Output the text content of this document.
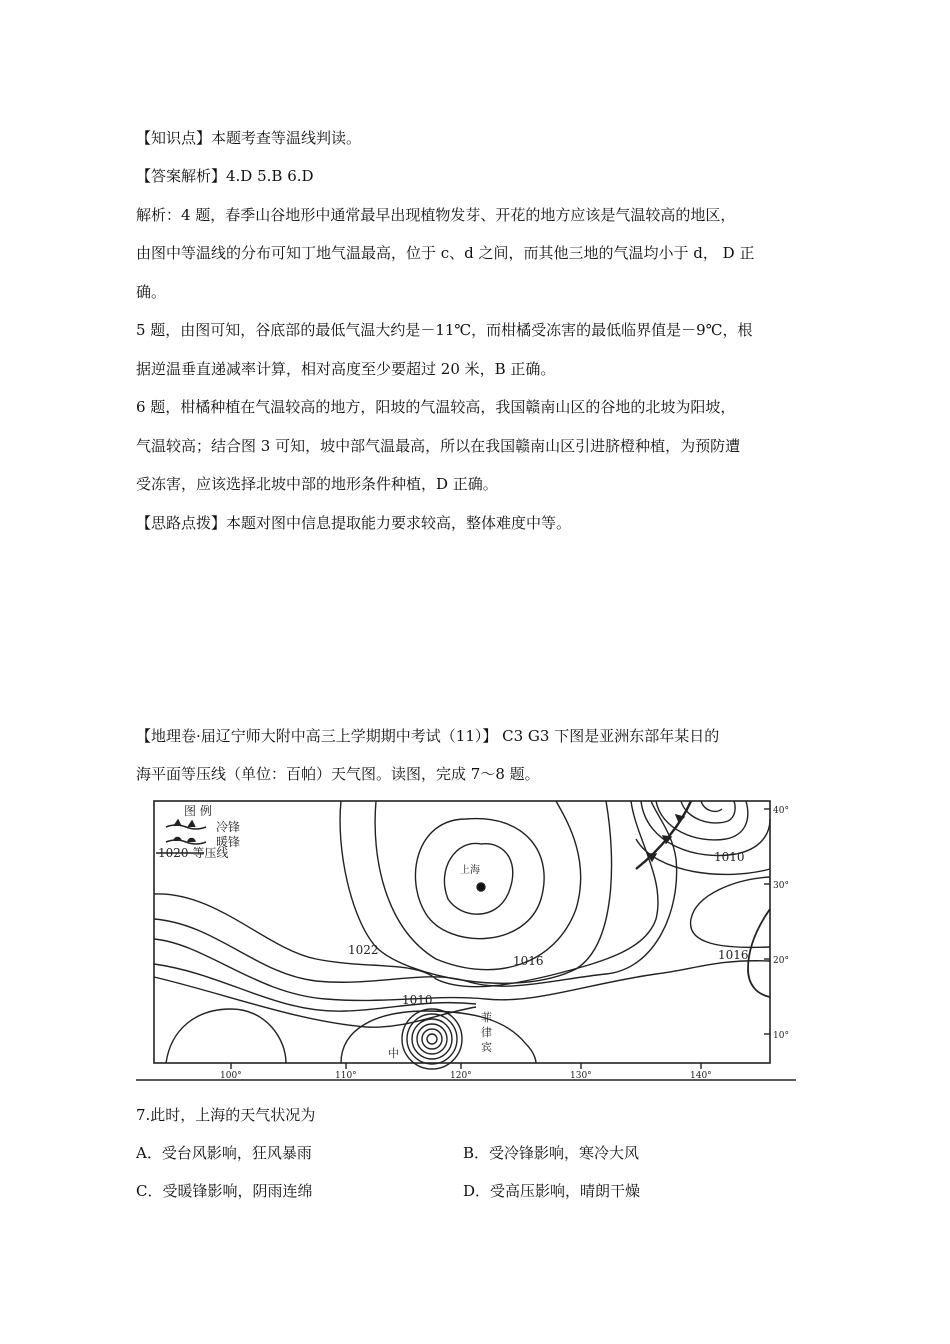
【知识点】本题考查等温线判读。
【答案解析】4.D 5.B 6.D
解析：4 题，春季山谷地形中通常最早出现植物发芽、开花的地方应该是气温较高的地区，
由图中等温线的分布可知丁地气温最高，位于 c、d 之间，而其他三地的气温均小于 d， D 正
确。
5 题，由图可知，谷底部的最低气温大约是－11℃，而柑橘受冻害的最低临界值是－9℃，根
据逆温垂直递减率计算，相对高度至少要超过 20 米，B 正确。
6 题，柑橘种植在气温较高的地方，阳坡的气温较高，我国赣南山区的谷地的北坡为阳坡，
气温较高；结合图 3 可知，坡中部气温最高，所以在我国赣南山区引进脐橙种植，为预防遭
受冻害，应该选择北坡中部的地形条件种植，D 正确。
【思路点拨】本题对图中信息提取能力要求较高，整体难度中等。
【地理卷·届辽宁师大附中高三上学期期中考试（11）】 C3 G3 下图是亚洲东部年某日的
海平面等压线（单位：百帕）天气图。读图，完成 7～8 题。
图 例
冷锋
暖锋
1020 等压线
上海
1022
1016	1016
1010
1010
菲
律
宾
中
40°
30°
20°
10°
100°	110°	120°	130°	140°
7.此时，上海的天气状况为
A．受台风影响，狂风暴雨	B．受冷锋影响，寒冷大风
C．受暖锋影响，阴雨连绵	D．受高压影响，晴朗干燥
